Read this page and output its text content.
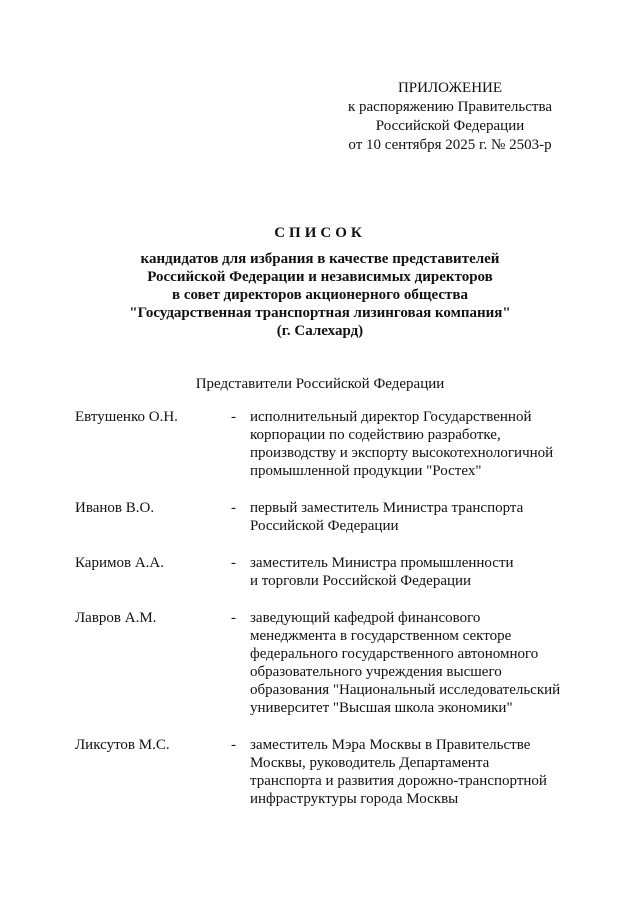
ПРИЛОЖЕНИЕ
к распоряжению Правительства
Российской Федерации
от 10 сентября 2025 г. № 2503-р
СПИСОК
кандидатов для избрания в качестве представителей
Российской Федерации и независимых директоров
в совет директоров акционерного общества
"Государственная транспортная лизинговая компания"
(г. Салехард)
Представители Российской Федерации
Евтушенко О.Н.	- исполнительный директор Государственной
корпорации по содействию разработке,
производству и экспорту высокотехнологичной
промышленной продукции "Ростех"
Иванов В.О.	- первый заместитель Министра транспорта
Российской Федерации
Каримов А.А.	- заместитель Министра промышленности
и торговли Российской Федерации
Лавров А.М.	- заведующий кафедрой финансового
менеджмента в государственном секторе
федерального государственного автономного
образовательного учреждения высшего
образования "Национальный исследовательский
университет "Высшая школа экономики"
Ликсутов М.С.	- заместитель Мэра Москвы в Правительстве
Москвы, руководитель Департамента
транспорта и развития дорожно-транспортной
инфраструктуры города Москвы
